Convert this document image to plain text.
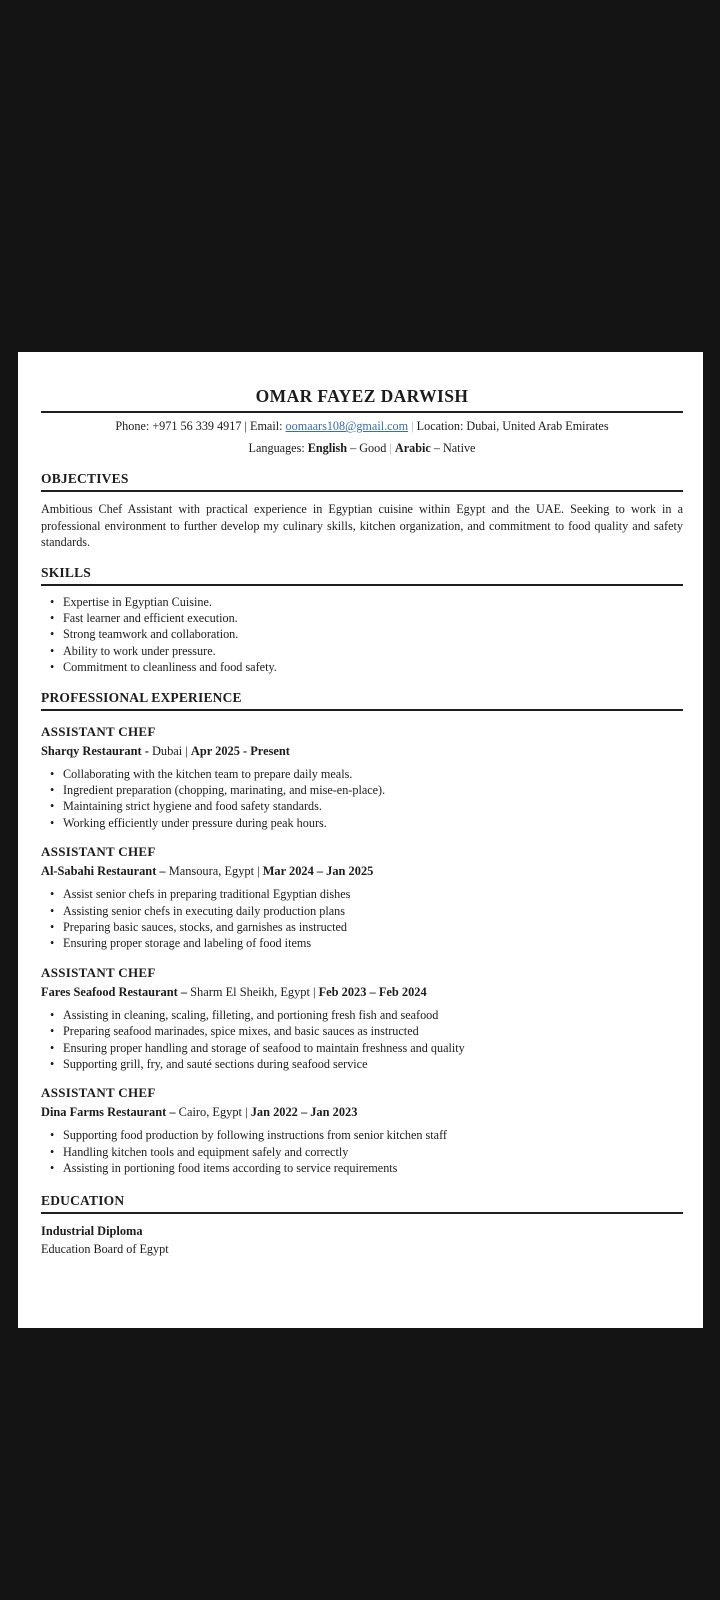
OMAR FAYEZ DARWISH

Phone: +971 56 339 4917 | Email: oomaars108@gmail.com | Location: Dubai, United Arab Emirates

Languages: English – Good | Arabic – Native

OBJECTIVES

Ambitious Chef Assistant with practical experience in Egyptian cuisine within Egypt and the UAE. Seeking to work in a professional environment to further develop my culinary skills, kitchen organization, and commitment to food quality and safety standards.

SKILLS
• Expertise in Egyptian Cuisine.
• Fast learner and efficient execution.
• Strong teamwork and collaboration.
• Ability to work under pressure.
• Commitment to cleanliness and food safety.
PROFESSIONAL EXPERIENCE
ASSISTANT CHEF

Sharqy Restaurant - Dubai | Apr 2025 - Present

• Collaborating with the kitchen team to prepare daily meals.
• Ingredient preparation (chopping, marinating, and mise-en-place).
• Maintaining strict hygiene and food safety standards.
• Working efficiently under pressure during peak hours.
ASSISTANT CHEF

Al-Sabahi Restaurant – Mansoura, Egypt | Mar 2024 – Jan 2025

• Assist senior chefs in preparing traditional Egyptian dishes
• Assisting senior chefs in executing daily production plans
• Preparing basic sauces, stocks, and garnishes as instructed
• Ensuring proper storage and labeling of food items
ASSISTANT CHEF

Fares Seafood Restaurant – Sharm El Sheikh, Egypt | Feb 2023 – Feb 2024

• Assisting in cleaning, scaling, filleting, and portioning fresh fish and seafood
• Preparing seafood marinades, spice mixes, and basic sauces as instructed
• Ensuring proper handling and storage of seafood to maintain freshness and quality
• Supporting grill, fry, and sauté sections during seafood service
ASSISTANT CHEF

Dina Farms Restaurant – Cairo, Egypt | Jan 2022 – Jan 2023

• Supporting food production by following instructions from senior kitchen staff
• Handling kitchen tools and equipment safely and correctly
• Assisting in portioning food items according to service requirements
EDUCATION

Industrial Diploma

Education Board of Egypt
